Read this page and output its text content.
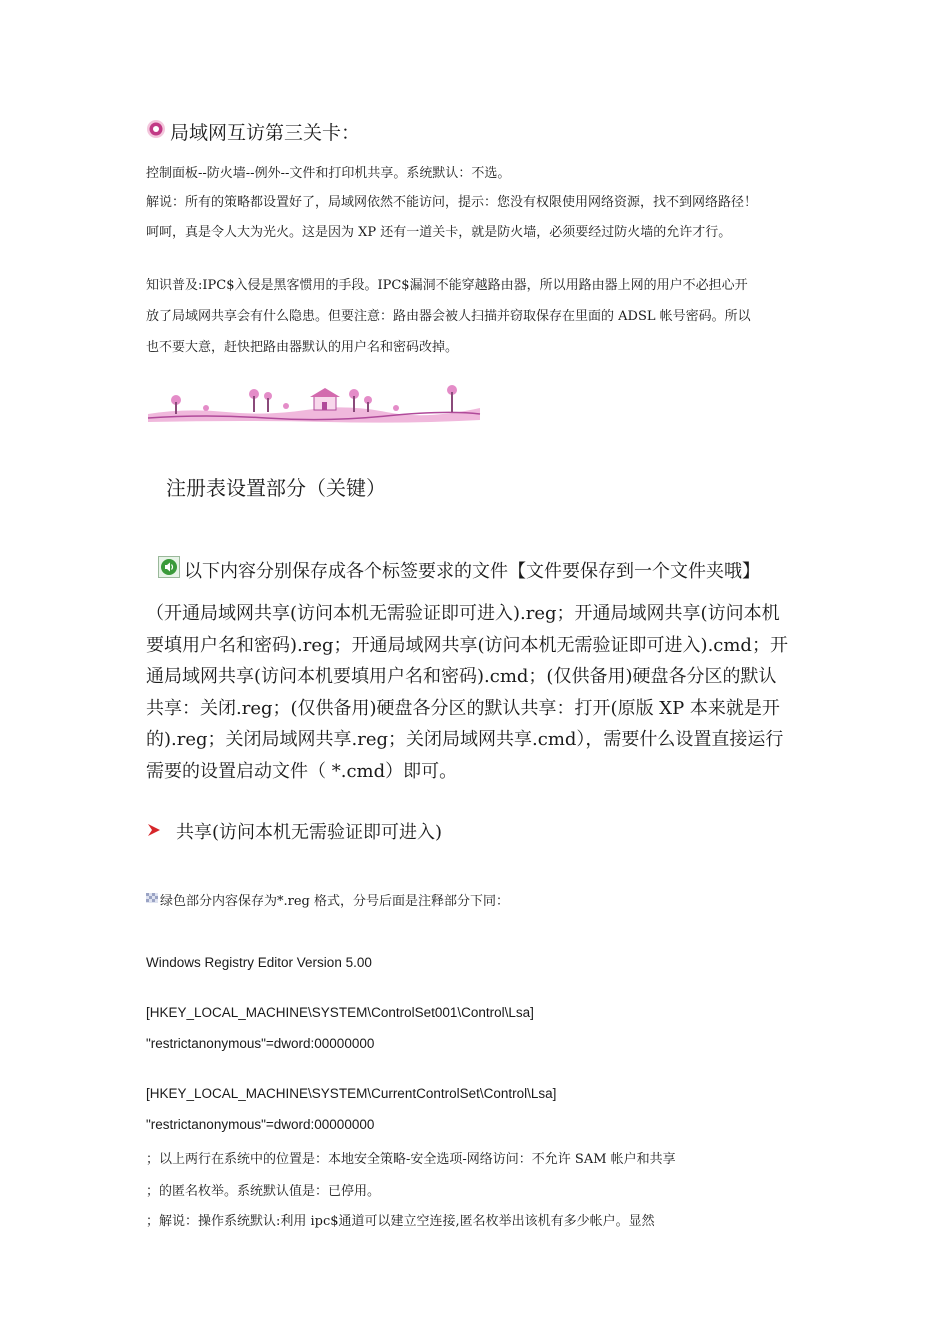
局域网互访第三关卡：
控制面板--防火墙--例外--文件和打印机共享。系统默认：不选。
解说：所有的策略都设置好了，局域网依然不能访问，提示：您没有权限使用网络资源，找不到网络路径！
呵呵，真是令人大为光火。这是因为 XP 还有一道关卡，就是防火墙，必须要经过防火墙的允许才行。
知识普及:IPC$入侵是黑客惯用的手段。IPC$漏洞不能穿越路由器，所以用路由器上网的用户不必担心开
放了局域网共享会有什么隐患。但要注意：路由器会被人扫描并窃取保存在里面的 ADSL 帐号密码。所以
也不要大意，赶快把路由器默认的用户名和密码改掉。
注册表设置部分（关键）
以下内容分别保存成各个标签要求的文件【文件要保存到一个文件夹哦】
（开通局域网共享(访问本机无需验证即可进入).reg；开通局域网共享(访问本机
要填用户名和密码).reg；开通局域网共享(访问本机无需验证即可进入).cmd；开
通局域网共享(访问本机要填用户名和密码).cmd；(仅供备用)硬盘各分区的默认
共享：关闭.reg；(仅供备用)硬盘各分区的默认共享：打开(原版 XP 本来就是开
的).reg；关闭局域网共享.reg；关闭局域网共享.cmd），需要什么设置直接运行
需要的设置启动文件（ *.cmd）即可。
共享(访问本机无需验证即可进入)
绿色部分内容保存为*.reg 格式，分号后面是注释部分下同：
Windows Registry Editor Version 5.00
[HKEY_LOCAL_MACHINE\SYSTEM\ControlSet001\Control\Lsa]
"restrictanonymous"=dword:00000000
[HKEY_LOCAL_MACHINE\SYSTEM\CurrentControlSet\Control\Lsa]
"restrictanonymous"=dword:00000000
；以上两行在系统中的位置是：本地安全策略-安全选项-网络访问：不允许 SAM 帐户和共享
；的匿名枚举。系统默认值是：已停用。
；解说：操作系统默认:利用 ipc$通道可以建立空连接,匿名枚举出该机有多少帐户。显然
